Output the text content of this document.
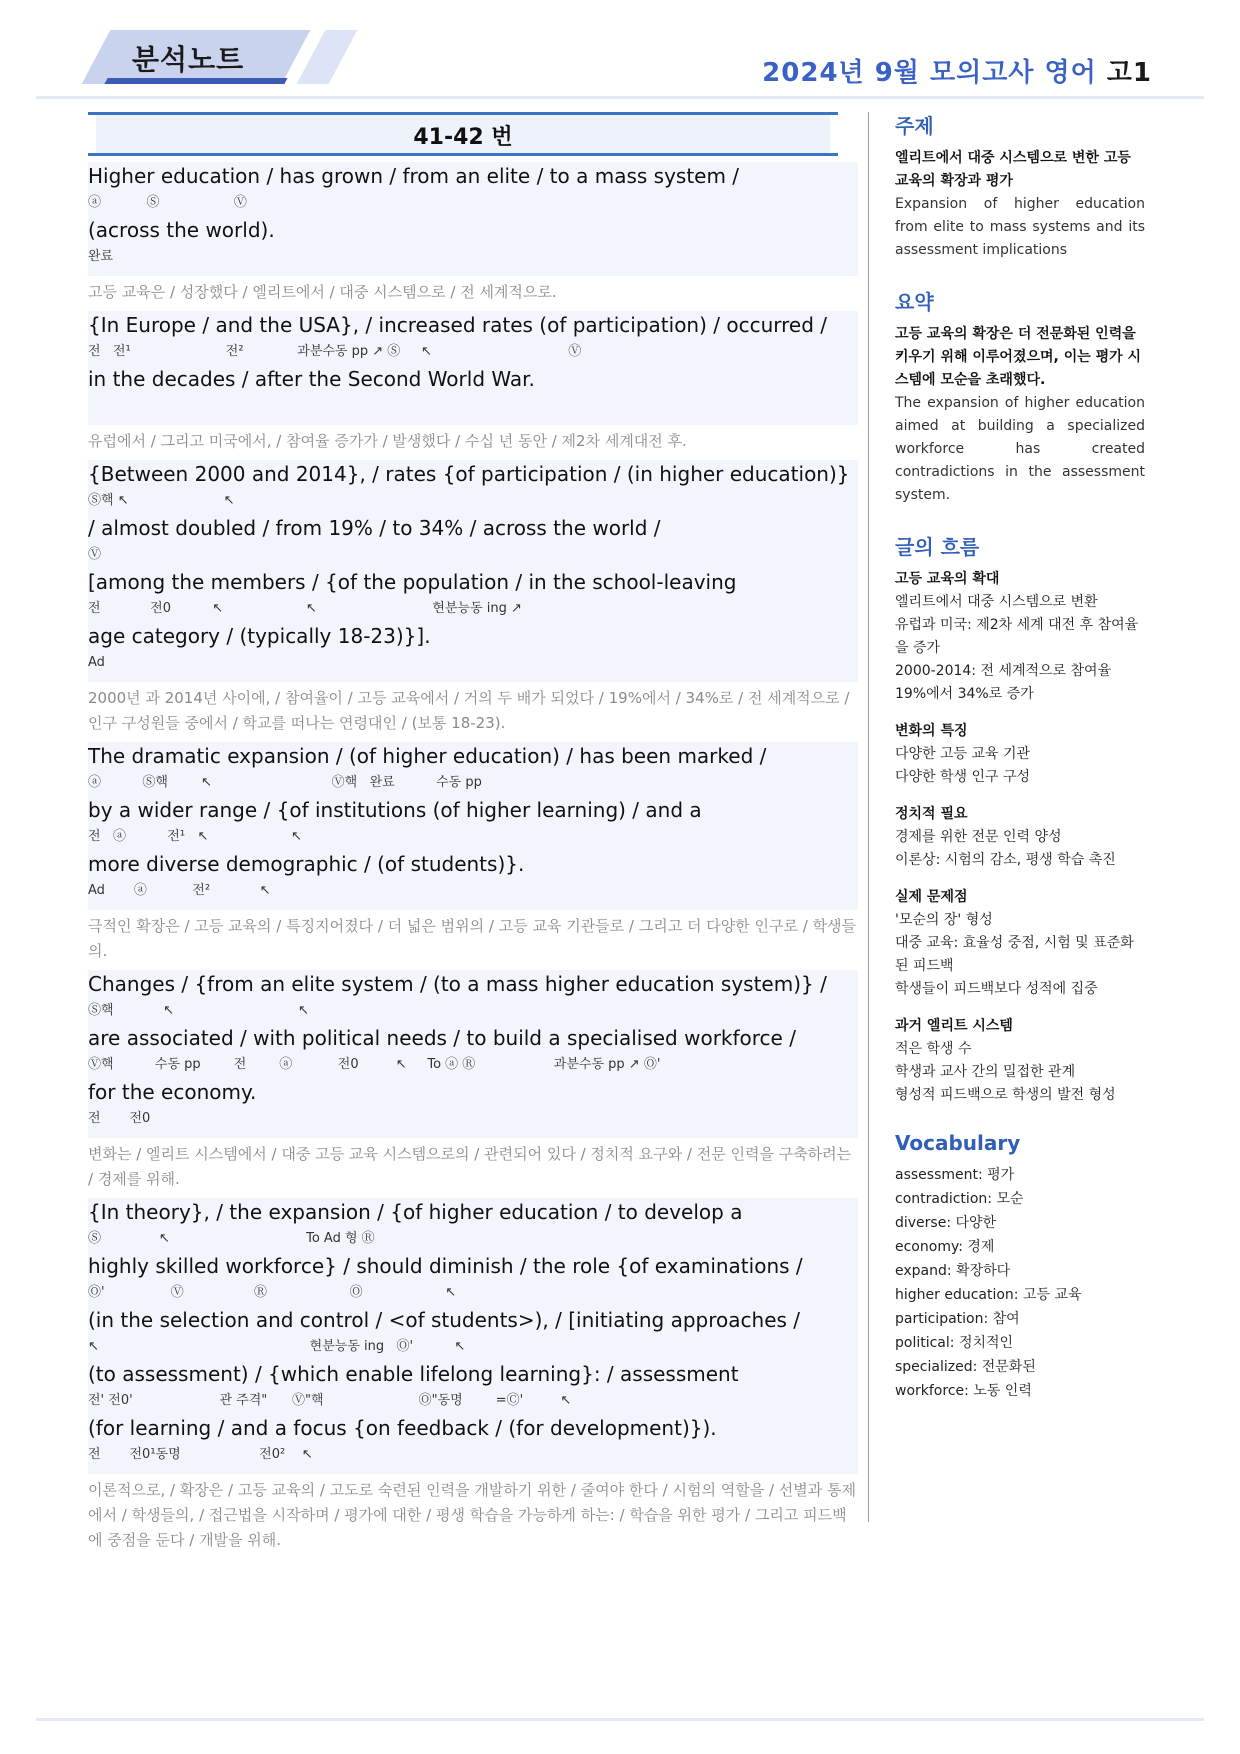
분석노트	2024년 9월 모의고사 영어 고1
41-42 번
Higher education / has grown / from an elite / to a mass system /
ⓐ           Ⓢ                  Ⓥ
(across the world).
완료
고등 교육은 / 성장했다 / 엘리트에서 / 대중 시스템으로 / 전 세계적으로.
{In Europe / and the USA}, / increased rates (of participation) / occurred /
전   전¹                       전²             과분수동 pp ↗ Ⓢ     ↖                                 Ⓥ
in the decades / after the Second World War.
유럽에서 / 그리고 미국에서, / 참여율 증가가 / 발생했다 / 수십 년 동안 / 제2차 세계대전 후.
{Between 2000 and 2014}, / rates {of participation / (in higher education)}
Ⓢ핵 ↖                       ↖
/ almost doubled / from 19% / to 34% / across the world /
Ⓥ
[among the members / {of the population / in the school-leaving
전            전0          ↖                    ↖                            현분능동 ing ↗
age category / (typically 18-23)}].
Ad
2000년 과 2014년 사이에, / 참여율이 / 고등 교육에서 / 거의 두 배가 되었다 / 19%에서 / 34%로 / 전 세계적으로 / 인구 구성원들 중에서 / 학교를 떠나는 연령대인 / (보통 18-23).
The dramatic expansion / (of higher education) / has been marked /
ⓐ          Ⓢ핵        ↖                             Ⓥ핵   완료          수동 pp
by a wider range / {of institutions (of higher learning) / and a
전   ⓐ          전¹   ↖                    ↖
more diverse demographic / (of students)}.
Ad       ⓐ           전²            ↖
극적인 확장은 / 고등 교육의 / 특징지어졌다 / 더 넓은 범위의 / 고등 교육 기관들로 / 그리고 더 다양한 인구로 / 학생들의.
Changes / {from an elite system / (to a mass higher education system)} /
Ⓢ핵            ↖                              ↖
are associated / with political needs / to build a specialised workforce /
Ⓥ핵          수동 pp        전        ⓐ           전0         ↖     To ⓐ Ⓡ                   과분수동 pp ↗ Ⓞ'
for the economy.
전       전0
변화는 / 엘리트 시스템에서 / 대중 고등 교육 시스템으로의 / 관련되어 있다 / 정치적 요구와 / 전문 인력을 구축하려는 / 경제를 위해.
{In theory}, / the expansion / {of higher education / to develop a
Ⓢ              ↖                                 To Ad 형 Ⓡ
highly skilled workforce} / should diminish / the role {of examinations /
Ⓞ'                Ⓥ                 Ⓡ                    Ⓞ                    ↖
(in the selection and control / <of students>), / [initiating approaches /
↖                                                   현분능동 ing   Ⓞ'          ↖
(to assessment) / {which enable lifelong learning}: / assessment
전' 전0'                     관 주격"      Ⓥ"핵                       Ⓞ"동명        =Ⓒ'         ↖
(for learning / and a focus {on feedback / (for development)}).
전       전0¹동명                   전0²    ↖
이론적으로, / 확장은 / 고등 교육의 / 고도로 숙련된 인력을 개발하기 위한 / 줄여야 한다 / 시험의 역할을 / 선별과 통제에서 / 학생들의, / 접근법을 시작하며 / 평가에 대한 / 평생 학습을 가능하게 하는: / 학습을 위한 평가 / 그리고 피드백에 중점을 둔다 / 개발을 위해.
주제
엘리트에서 대중 시스템으로 변한 고등 교육의 확장과 평가
Expansion of higher education from elite to mass systems and its assessment implications
요약
고등 교육의 확장은 더 전문화된 인력을 키우기 위해 이루어졌으며, 이는 평가 시스템에 모순을 초래했다.
The expansion of higher education aimed at building a specialized workforce has created contradictions in the assessment system.
글의 흐름
고등 교육의 확대
엘리트에서 대중 시스템으로 변환
유럽과 미국: 제2차 세계 대전 후 참여율을 증가
2000-2014: 전 세계적으로 참여율 19%에서 34%로 증가
변화의 특징
다양한 고등 교육 기관
다양한 학생 인구 구성
정치적 필요
경제를 위한 전문 인력 양성
이론상: 시험의 감소, 평생 학습 촉진
실제 문제점
'모순의 장' 형성
대중 교육: 효율성 중점, 시험 및 표준화된 피드백
학생들이 피드백보다 성적에 집중
과거 엘리트 시스템
적은 학생 수
학생과 교사 간의 밀접한 관계
형성적 피드백으로 학생의 발전 형성
Vocabulary
assessment: 평가
contradiction: 모순
diverse: 다양한
economy: 경제
expand: 확장하다
higher education: 고등 교육
participation: 참여
political: 정치적인
specialized: 전문화된
workforce: 노동 인력
